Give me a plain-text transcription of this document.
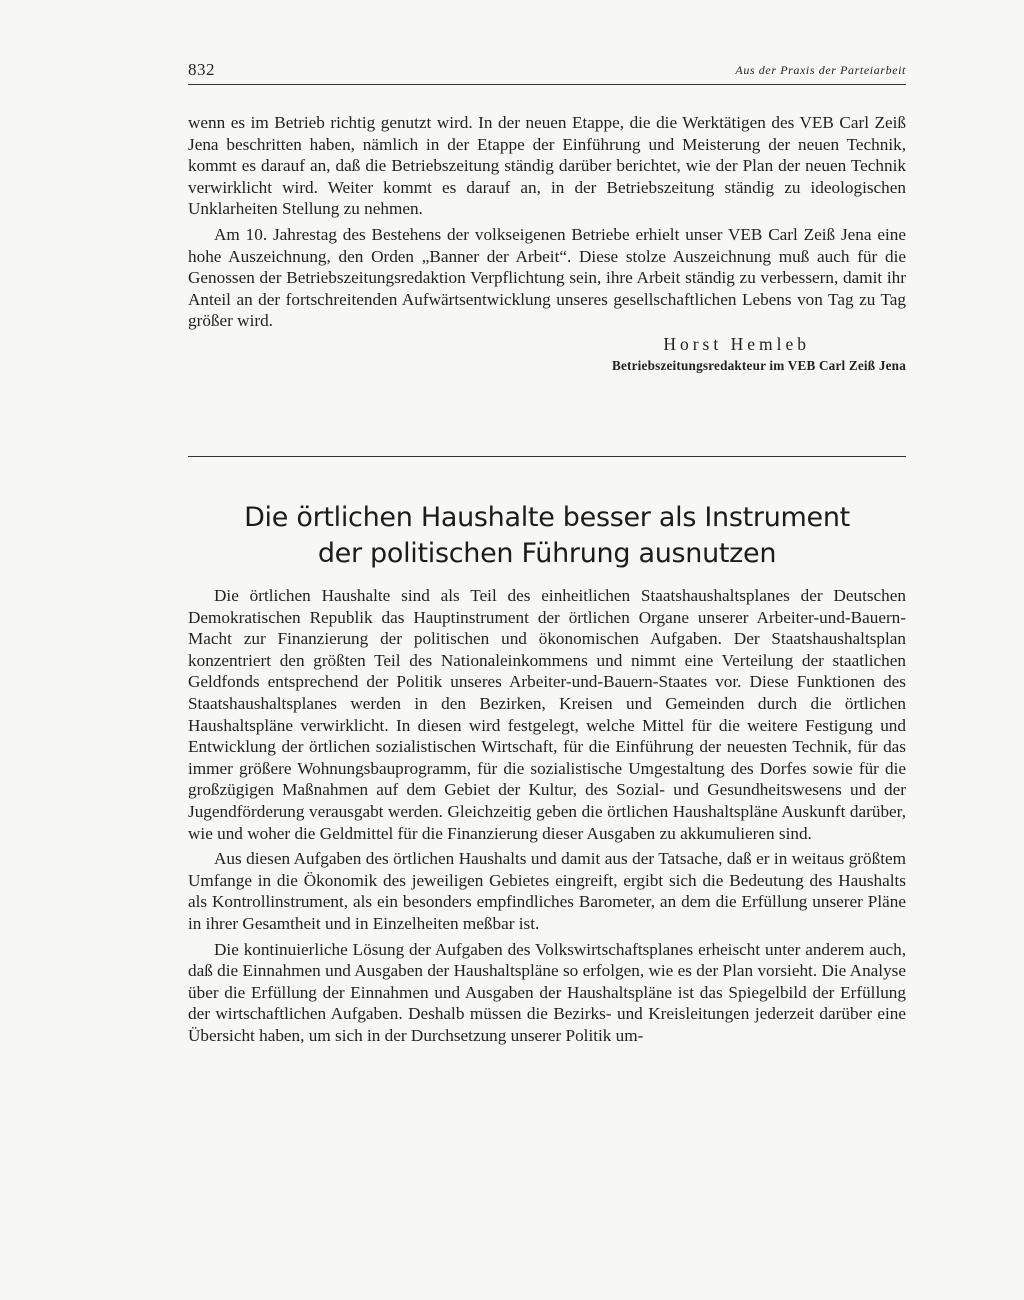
832	Aus der Praxis der Parteiarbeit

wenn es im Betrieb richtig genutzt wird. In der neuen Etappe, die die Werktätigen des VEB Carl Zeiß Jena beschritten haben, nämlich in der Etappe der Einführung und Meisterung der neuen Technik, kommt es darauf an, daß die Betriebszeitung ständig darüber berichtet, wie der Plan der neuen Technik verwirklicht wird. Weiter kommt es darauf an, in der Betriebszeitung ständig zu ideologischen Unklarheiten Stellung zu nehmen.

Am 10. Jahrestag des Bestehens der volkseigenen Betriebe erhielt unser VEB Carl Zeiß Jena eine hohe Auszeichnung, den Orden „Banner der Arbeit“. Diese stolze Auszeichnung muß auch für die Genossen der Betriebszeitungsredaktion Verpflichtung sein, ihre Arbeit ständig zu verbessern, damit ihr Anteil an der fortschreitenden Aufwärtsentwicklung unseres gesellschaftlichen Lebens von Tag zu Tag größer wird.

Horst Hemleb

Betriebszeitungsredakteur im VEB Carl Zeiß Jena

Die örtlichen Haushalte besser als Instrument
der politischen Führung ausnutzen

Die örtlichen Haushalte sind als Teil des einheitlichen Staatshaushaltsplanes der Deutschen Demokratischen Republik das Hauptinstrument der örtlichen Organe unserer Arbeiter-und-Bauern-Macht zur Finanzierung der politischen und ökonomischen Aufgaben. Der Staatshaushaltsplan konzentriert den größten Teil des Nationaleinkommens und nimmt eine Verteilung der staatlichen Geldfonds entsprechend der Politik unseres Arbeiter-und-Bauern-Staates vor. Diese Funktionen des Staatshaushaltsplanes werden in den Bezirken, Kreisen und Gemeinden durch die örtlichen Haushaltspläne verwirklicht. In diesen wird festgelegt, welche Mittel für die weitere Festigung und Entwicklung der örtlichen sozialistischen Wirtschaft, für die Einführung der neuesten Technik, für das immer größere Wohnungsbauprogramm, für die sozialistische Umgestaltung des Dorfes sowie für die großzügigen Maßnahmen auf dem Gebiet der Kultur, des Sozial- und Gesundheitswesens und der Jugendförderung verausgabt werden. Gleichzeitig geben die örtlichen Haushaltspläne Auskunft darüber, wie und woher die Geldmittel für die Finanzierung dieser Ausgaben zu akkumulieren sind.

Aus diesen Aufgaben des örtlichen Haushalts und damit aus der Tatsache, daß er in weitaus größtem Umfange in die Ökonomik des jeweiligen Gebietes eingreift, ergibt sich die Bedeutung des Haushalts als Kontrollinstrument, als ein besonders empfindliches Barometer, an dem die Erfüllung unserer Pläne in ihrer Gesamtheit und in Einzelheiten meßbar ist.

Die kontinuierliche Lösung der Aufgaben des Volkswirtschaftsplanes erheischt unter anderem auch, daß die Einnahmen und Ausgaben der Haushaltspläne so erfolgen, wie es der Plan vorsieht. Die Analyse über die Erfüllung der Einnahmen und Ausgaben der Haushaltspläne ist das Spiegelbild der Erfüllung der wirtschaftlichen Aufgaben. Deshalb müssen die Bezirks- und Kreisleitungen jederzeit darüber eine Übersicht haben, um sich in der Durchsetzung unserer Politik um-
